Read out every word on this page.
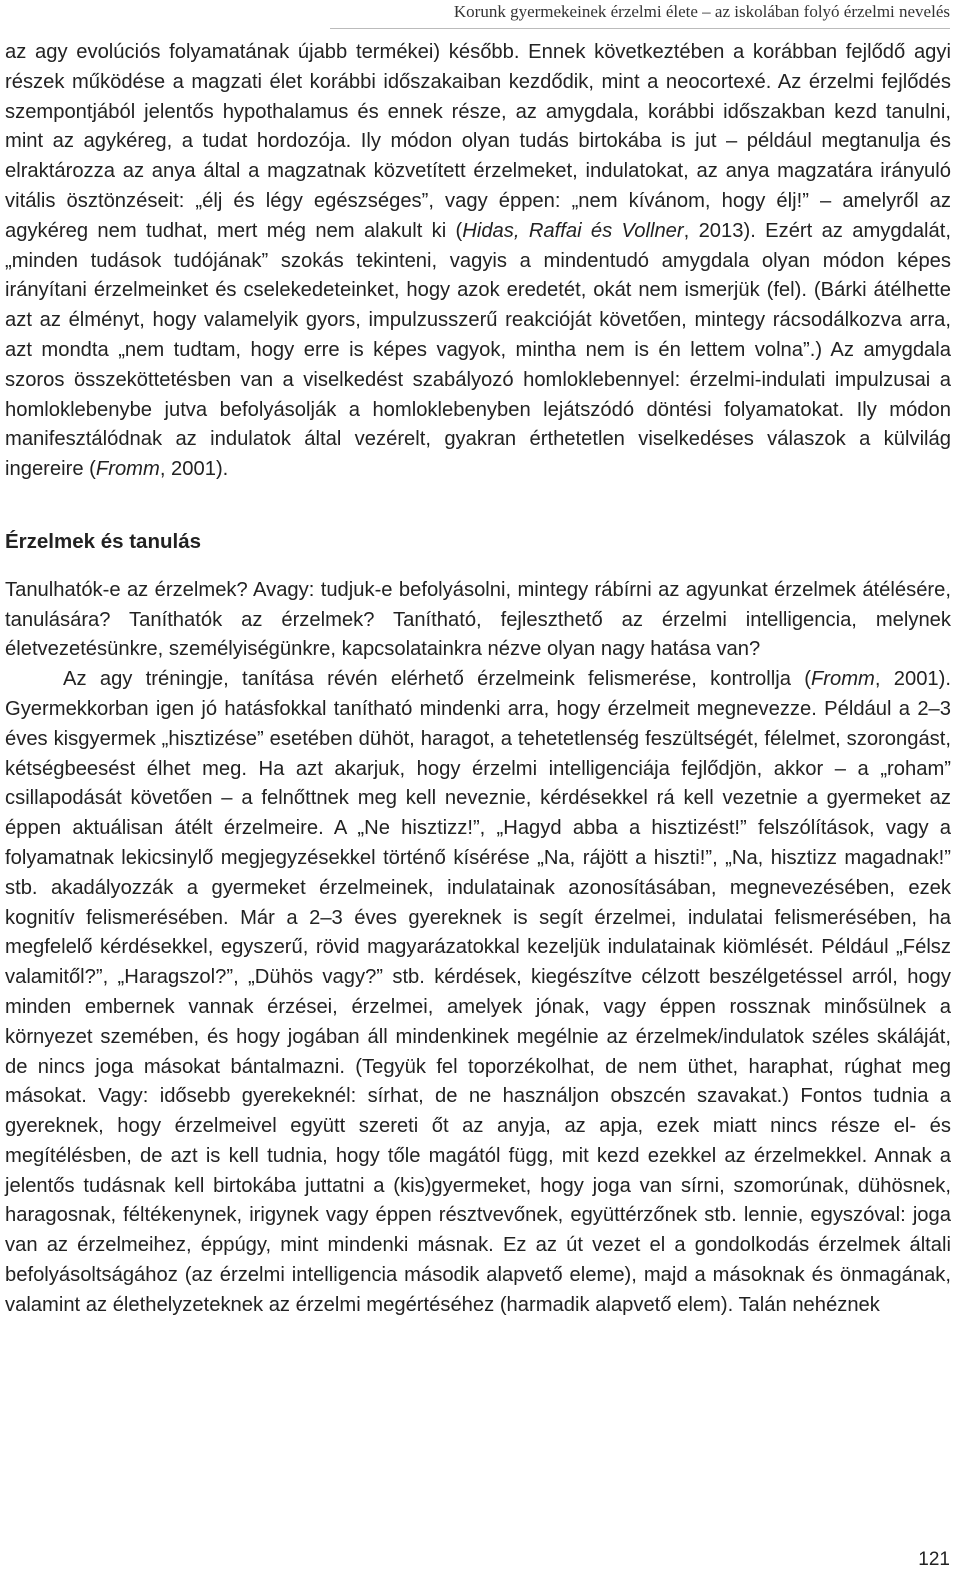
Korunk gyermekeinek érzelmi élete – az iskolában folyó érzelmi nevelés

az agy evolúciós folyamatának újabb termékei) később. Ennek következtében a korábban fejlődő agyi részek működése a magzati élet korábbi időszakaiban kezdődik, mint a neocortexé. Az érzelmi fejlődés szempontjából jelentős hypothalamus és ennek része, az amygdala, korábbi időszakban kezd tanulni, mint az agykéreg, a tudat hordozója. Ily módon olyan tudás birtokába is jut – például megtanulja és elraktározza az anya által a magzatnak közvetített érzelmeket, indulatokat, az anya magzatára irányuló vitális ösztönzéseit: „élj és légy egészséges”, vagy éppen: „nem kívánom, hogy élj!” – amelyről az agykéreg nem tudhat, mert még nem alakult ki (Hidas, Raffai és Vollner, 2013). Ezért az amygdalát, „minden tudások tudójának” szokás tekinteni, vagyis a mindentudó amygdala olyan módon képes irányítani érzelmeinket és cselekedeteinket, hogy azok eredetét, okát nem ismerjük (fel). (Bárki átélhette azt az élményt, hogy valamelyik gyors, impulzusszerű reakcióját követően, mintegy rácsodálkozva arra, azt mondta „nem tudtam, hogy erre is képes vagyok, mintha nem is én lettem volna”.) Az amygdala szoros összeköttetésben van a viselkedést szabályozó homloklebennyel: érzelmi-indulati impulzusai a homloklebenybe jutva befolyásolják a homloklebenyben lejátszódó döntési folyamatokat. Ily módon manifesztálódnak az indulatok által vezérelt, gyakran érthetetlen viselkedéses válaszok a külvilág ingereire (Fromm, 2001).

Érzelmek és tanulás

Tanulhatók-e az érzelmek? Avagy: tudjuk-e befolyásolni, mintegy rábírni az agyunkat érzelmek átélésére, tanulására? Taníthatók az érzelmek? Tanítható, fejleszthető az érzelmi intelligencia, melynek életvezetésünkre, személyiségünkre, kapcsolatainkra nézve olyan nagy hatása van?

Az agy tréningje, tanítása révén elérhető érzelmeink felismerése, kontrollja (Fromm, 2001). Gyermekkorban igen jó hatásfokkal tanítható mindenki arra, hogy érzelmeit megnevezze. Például a 2–3 éves kisgyermek „hisztizése” esetében dühöt, haragot, a tehetetlenség feszültségét, félelmet, szorongást, kétségbeesést élhet meg. Ha azt akarjuk, hogy érzelmi intelligenciája fejlődjön, akkor – a „roham” csillapodását követően – a felnőttnek meg kell neveznie, kérdésekkel rá kell vezetnie a gyermeket az éppen aktuálisan átélt érzelmeire. A „Ne hisztizz!”, „Hagyd abba a hisztizést!” felszólítások, vagy a folyamatnak lekicsinylő megjegyzésekkel történő kísérése „Na, rájött a hiszti!”, „Na, hisztizz magadnak!” stb. akadályozzák a gyermeket érzelmeinek, indulatainak azonosításában, megnevezésében, ezek kognitív felismerésében. Már a 2–3 éves gyereknek is segít érzelmei, indulatai felismerésében, ha megfelelő kérdésekkel, egyszerű, rövid magyarázatokkal kezeljük indulatainak kiömlését. Például „Félsz valamitől?”, „Haragszol?”, „Dühös vagy?” stb. kérdések, kiegészítve célzott beszélgetéssel arról, hogy minden embernek vannak érzései, érzelmei, amelyek jónak, vagy éppen rossznak minősülnek a környezet szemében, és hogy jogában áll mindenkinek megélnie az érzelmek/indulatok széles skáláját, de nincs joga másokat bántalmazni. (Tegyük fel toporzékolhat, de nem üthet, haraphat, rúghat meg másokat. Vagy: idősebb gyerekeknél: sírhat, de ne használjon obszcén szavakat.) Fontos tudnia a gyereknek, hogy érzelmeivel együtt szereti őt az anyja, az apja, ezek miatt nincs része el- és megítélésben, de azt is kell tudnia, hogy tőle magától függ, mit kezd ezekkel az érzelmekkel. Annak a jelentős tudásnak kell birtokába juttatni a (kis)gyermeket, hogy joga van sírni, szomorúnak, dühösnek, haragosnak, féltékenynek, irigynek vagy éppen résztvevőnek, együttérzőnek stb. lennie, egyszóval: joga van az érzelmeihez, éppúgy, mint mindenki másnak. Ez az út vezet el a gondolkodás érzelmek általi befolyásoltságához (az érzelmi intelligencia második alapvető eleme), majd a másoknak és önmagának, valamint az élethelyzeteknek az érzelmi megértéséhez (harmadik alapvető elem). Talán nehéznek

121
